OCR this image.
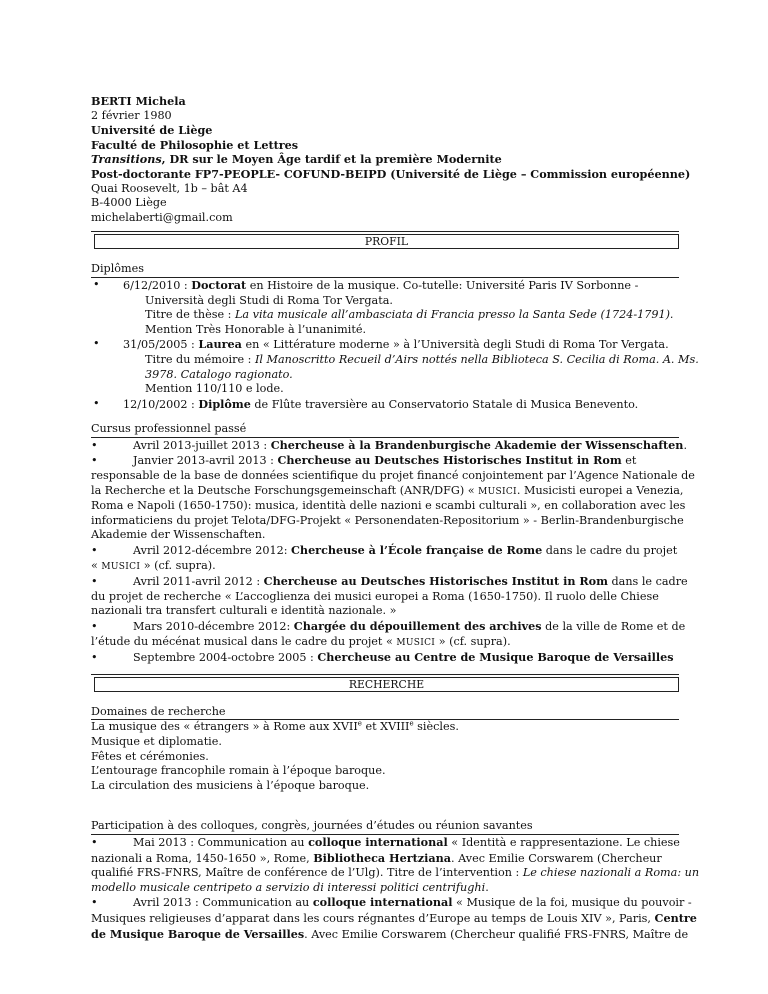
BERTI Michela
2 février 1980
Université de Liège
Faculté de Philosophie et Lettres
Transitions, DR sur le Moyen Âge tardif et la première Modernite
Post-doctorante FP7-PEOPLE- COFUND-BEIPD (Université de Liège – Commission européenne)
Quai Roosevelt, 1b – bât A4
B-4000 Liège
michelaberti@gmail.com
PROFIL
Diplômes
• 6/12/2010 : Doctorat en Histoire de la musique. Co-tutelle: Université Paris IV Sorbonne -
Università degli Studi di Roma Tor Vergata.
Titre de thèse : La vita musicale all’ambasciata di Francia presso la Santa Sede (1724-1791).
Mention Très Honorable à l’unanimité.
• 31/05/2005 : Laurea en « Littérature moderne » à l’Università degli Studi di Roma Tor Vergata.
Titre du mémoire : Il Manoscritto Recueil d’Airs nottés nella Biblioteca S. Cecilia di Roma. A. Ms.
3978. Catalogo ragionato.
Mention 110/110 e lode.
• 12/10/2002 : Diplôme de Flûte traversière au Conservatorio Statale di Musica Benevento.
Cursus professionnel passé
•	Avril 2013-juillet 2013 : Chercheuse à la Brandenburgische Akademie der Wissenschaften.
•	Janvier 2013-avril 2013 : Chercheuse au Deutsches Historisches Institut in Rom et
responsable de la base de données scientifique du projet financé conjointement par l’Agence Nationale de
la Recherche et la Deutsche Forschungsgemeinschaft (ANR/DFG) « MUSICI. Musicisti europei a Venezia,
Roma e Napoli (1650-1750): musica, identità delle nazioni e scambi culturali », en collaboration avec les
informaticiens du projet Telota/DFG-Projekt « Personendaten-Repositorium » - Berlin-Brandenburgische
Akademie der Wissenschaften.
•	Avril 2012-décembre 2012: Chercheuse à l’École française de Rome dans le cadre du projet
« MUSICI » (cf. supra).
•	Avril 2011-avril 2012 : Chercheuse au Deutsches Historisches Institut in Rom dans le cadre
du projet de recherche « L’accoglienza dei musici europei a Roma (1650-1750). Il ruolo delle Chiese
nazionali tra transfert culturali e identità nazionale. »
•	Mars 2010-décembre 2012: Chargée du dépouillement des archives de la ville de Rome et de
l’étude du mécénat musical dans le cadre du projet « MUSICI » (cf. supra).
•	Septembre 2004-octobre 2005 : Chercheuse au Centre de Musique Baroque de Versailles
RECHERCHE
Domaines de recherche
La musique des « étrangers » à Rome aux XVIIe et XVIIIe siècles.
Musique et diplomatie.
Fêtes et cérémonies.
L’entourage francophile romain à l’époque baroque.
La circulation des musiciens à l’époque baroque.
Participation à des colloques, congrès, journées d’études ou réunion savantes
•	Mai 2013 : Communication au colloque international « Identità e rappresentazione. Le chiese
nazionali a Roma, 1450-1650 », Rome, Bibliotheca Hertziana. Avec Emilie Corswarem (Chercheur
qualifié FRS-FNRS, Maître de conférence de l’Ulg). Titre de l’intervention : Le chiese nazionali a Roma: un
modello musicale centripeto a servizio di interessi politici centrifughi.
•	Avril 2013 : Communication au colloque international « Musique de la foi, musique du pouvoir -
Musiques religieuses d’apparat dans les cours régnantes d’Europe au temps de Louis XIV », Paris, Centre
de Musique Baroque de Versailles. Avec Emilie Corswarem (Chercheur qualifié FRS-FNRS, Maître de
